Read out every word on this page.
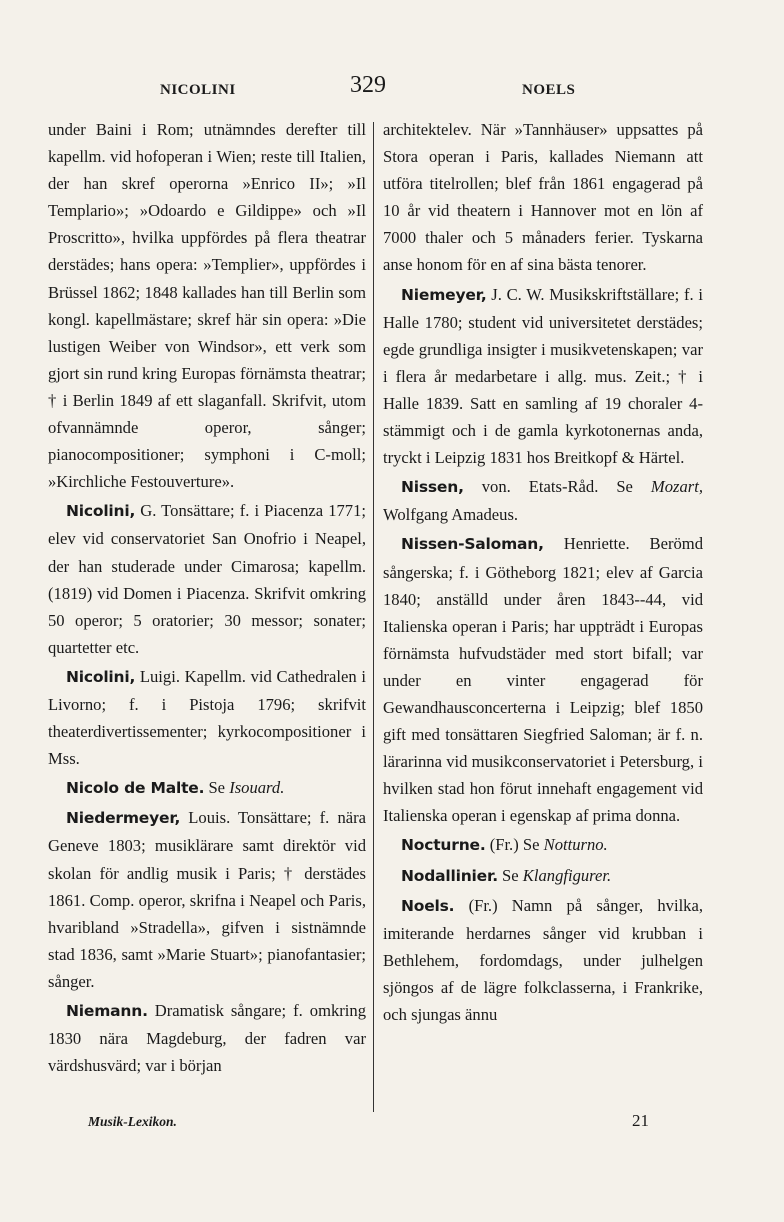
NICOLINI	329	NOELS

under Baini i Rom; utnämndes derefter till kapellm. vid hofoperan i Wien; reste till Italien, der han skref operorna »Enrico II»; »Il Templario»; »Odoardo e Gildippe» och »Il Proscritto», hvilka uppfördes på flera theatrar derstädes; hans opera: »Templier», uppfördes i Brüssel 1862; 1848 kallades han till Berlin som kongl. kapellmästare; skref här sin opera: »Die lustigen Weiber von Windsor», ett verk som gjort sin rund kring Europas förnämsta theatrar; † i Berlin 1849 af ett slaganfall. Skrifvit, utom ofvannämnde operor, sånger; pianocompositioner; symphoni i C-moll; »Kirchliche Festouverture».

Nicolini, G. Tonsättare; f. i Piacenza 1771; elev vid conservatoriet San Onofrio i Neapel, der han studerade under Cimarosa; kapellm. (1819) vid Domen i Piacenza. Skrifvit omkring 50 operor; 5 oratorier; 30 messor; sonater; quartetter etc.

Nicolini, Luigi. Kapellm. vid Cathedralen i Livorno; f. i Pistoja 1796; skrifvit theaterdivertissementer; kyrkocompositioner i Mss.

Nicolo de Malte. Se Isouard.

Niedermeyer, Louis. Tonsättare; f. nära Geneve 1803; musiklärare samt direktör vid skolan för andlig musik i Paris; † derstädes 1861. Comp. operor, skrifna i Neapel och Paris, hvaribland »Stradella», gifven i sistnämnde stad 1836, samt »Marie Stuart»; pianofantasier; sånger.

Niemann. Dramatisk sångare; f. omkring 1830 nära Magdeburg, der fadren var värdshusvärd; var i början

architektelev. När »Tannhäuser» uppsattes på Stora operan i Paris, kallades Niemann att utföra titelrollen; blef från 1861 engagerad på 10 år vid theatern i Hannover mot en lön af 7000 thaler och 5 månaders ferier. Tyskarna anse honom för en af sina bästa tenorer.

Niemeyer, J. C. W. Musikskriftställare; f. i Halle 1780; student vid universitetet derstädes; egde grundliga insigter i musikvetenskapen; var i flera år medarbetare i allg. mus. Zeit.; † i Halle 1839. Satt en samling af 19 choraler 4-stämmigt och i de gamla kyrkotonernas anda, tryckt i Leipzig 1831 hos Breitkopf & Härtel.

Nissen, von. Etats-Råd. Se Mozart, Wolfgang Amadeus.

Nissen-Saloman, Henriette. Berömd sångerska; f. i Götheborg 1821; elev af Garcia 1840; anställd under åren 1843--44, vid Italienska operan i Paris; har uppträdt i Europas förnämsta hufvudstäder med stort bifall; var under en vinter engagerad för Gewandhausconcerterna i Leipzig; blef 1850 gift med tonsättaren Siegfried Saloman; är f. n. lärarinna vid musikconservatoriet i Petersburg, i hvilken stad hon förut innehaft engagement vid Italienska operan i egenskap af prima donna.

Nocturne. (Fr.) Se Notturno.

Nodallinier. Se Klangfigurer.

Noels. (Fr.) Namn på sånger, hvilka, imiterande herdarnes sånger vid krubban i Bethlehem, fordomdags, under julhelgen sjöngos af de lägre folkclasserna, i Frankrike, och sjungas ännu

Musik-Lexikon.	21
